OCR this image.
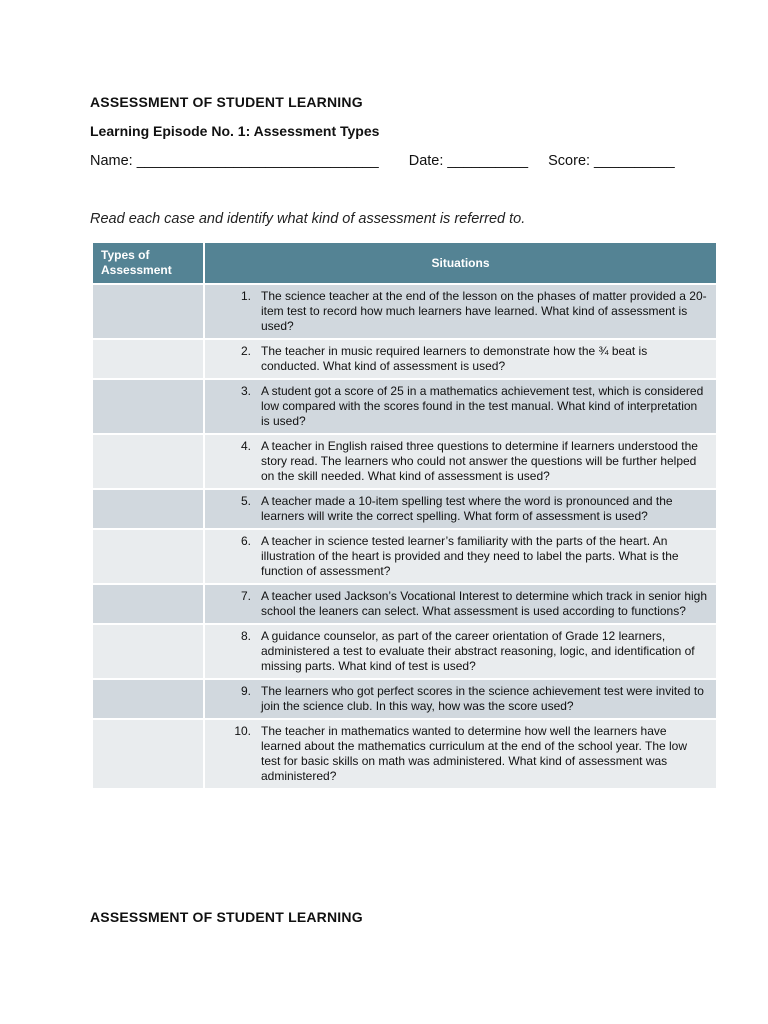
ASSESSMENT OF STUDENT LEARNING
Learning Episode No. 1: Assessment Types
Name: ______________________________ Date: __________ Score: __________
Read each case and identify what kind of assessment is referred to.
Types of Assessment	Situations

	1. The science teacher at the end of the lesson on the phases of matter provided a 20-item test to record how much learners have learned. What kind of assessment is used?

	2. The teacher in music required learners to demonstrate how the ¾ beat is conducted. What kind of assessment is used?

	3. A student got a score of 25 in a mathematics achievement test, which is considered low compared with the scores found in the test manual. What kind of interpretation is used?

	4. A teacher in English raised three questions to determine if learners understood the story read. The learners who could not answer the questions will be further helped on the skill needed. What kind of assessment is used?

	5. A teacher made a 10-item spelling test where the word is pronounced and the learners will write the correct spelling. What form of assessment is used?

	6. A teacher in science tested learner’s familiarity with the parts of the heart. An illustration of the heart is provided and they need to label the parts. What is the function of assessment?

	7. A teacher used Jackson’s Vocational Interest to determine which track in senior high school the leaners can select. What assessment is used according to functions?

	8. A guidance counselor, as part of the career orientation of Grade 12 learners, administered a test to evaluate their abstract reasoning, logic, and identification of missing parts. What kind of test is used?

	9. The learners who got perfect scores in the science achievement test were invited to join the science club. In this way, how was the score used?

	10. The teacher in mathematics wanted to determine how well the learners have learned about the mathematics curriculum at the end of the school year. The low test for basic skills on math was administered. What kind of assessment was administered?
ASSESSMENT OF STUDENT LEARNING
